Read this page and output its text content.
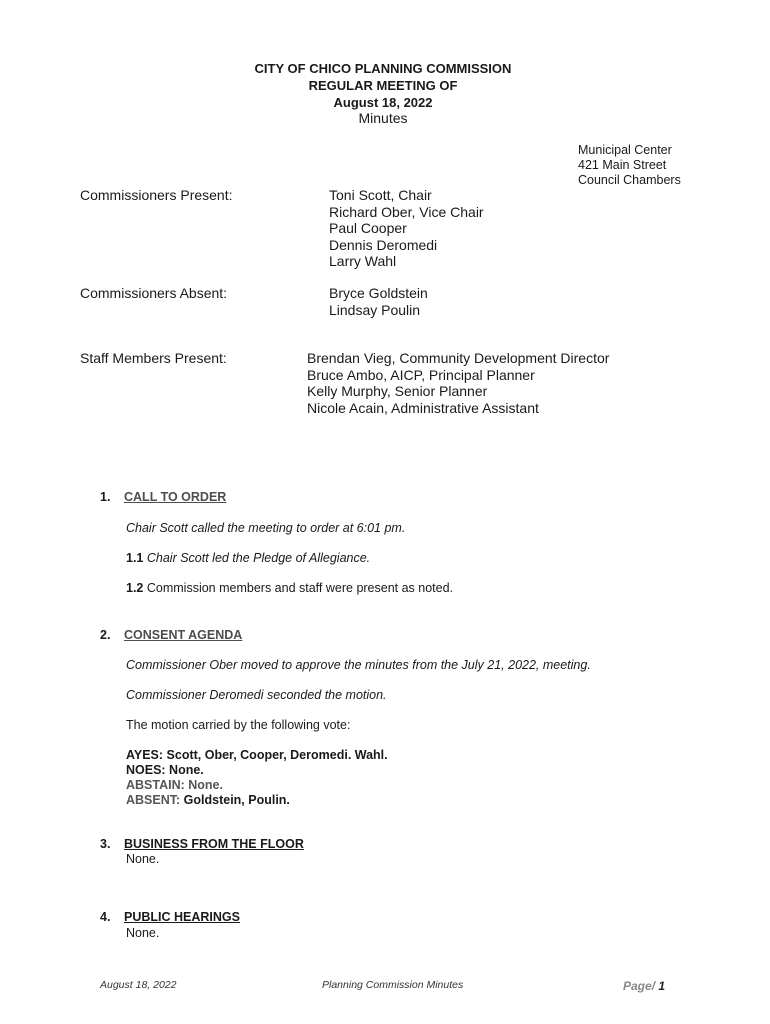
CITY OF CHICO PLANNING COMMISSION
REGULAR MEETING OF
August 18, 2022
Minutes
Municipal Center
421 Main Street
Council Chambers
Commissioners Present:	Toni Scott, Chair
Richard Ober, Vice Chair
Paul Cooper
Dennis Deromedi
Larry Wahl
Commissioners Absent:	Bryce Goldstein
Lindsay Poulin
Staff Members Present:	Brendan Vieg, Community Development Director
Bruce Ambo, AICP, Principal Planner
Kelly Murphy, Senior Planner
Nicole Acain, Administrative Assistant
1. CALL TO ORDER
Chair Scott called the meeting to order at 6:01 pm.
1.1 Chair Scott led the Pledge of Allegiance.
1.2 Commission members and staff were present as noted.
2. CONSENT AGENDA
Commissioner Ober moved to approve the minutes from the July 21, 2022, meeting.
Commissioner Deromedi seconded the motion.
The motion carried by the following vote:
AYES: Scott, Ober, Cooper, Deromedi. Wahl.
NOES: None.
ABSTAIN: None.
ABSENT: Goldstein, Poulin.
3. BUSINESS FROM THE FLOOR
None.
4. PUBLIC HEARINGS
None.
August 18, 2022	Planning Commission Minutes	Page/ 1
